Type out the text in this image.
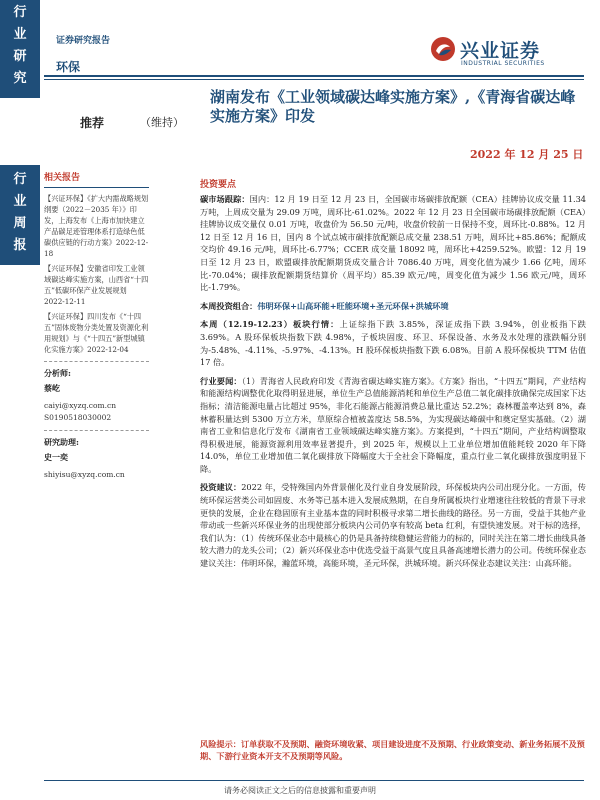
行
业
研
究
行
业
周
报
证券研究报告
环保
兴业证券
INDUSTRIAL SECURITIES
推荐	（维持）
湖南发布《工业领域碳达峰实施方案》,《青海省碳达峰实施方案》印发
2022 年 12 月 25 日
相关报告
【兴证环保】《扩大内需战略规划纲要（2022－2035 年）》印发，上海发布《上海市加快建立产品碳足迹管理体系打造绿色低碳供应链的行动方案》2022-12-18
【兴证环保】安徽省印发工业领域碳达峰实施方案，山西省“十四五”低碳环保产业发展规划 2022-12-11
【兴证环保】四川发布《“十四五”固体废物分类处置及资源化利用规划》与《“十四五”新型城镇化实施方案》2022-12-04
分析师:
蔡屹
caiyi@xyzq.com.cn
S0190518030002
研究助理:
史一奕
shiyisu@xyzq.com.cn
投资要点
碳市场跟踪：国内：12 月 19 日至 12 月 23 日，全国碳市场碳排放配额（CEA）挂牌协议成交量 11.34 万吨，上周成交量为 29.09 万吨，周环比-61.02%。2022 年 12 月 23 日全国碳市场碳排放配额（CEA）挂牌协议成交量仅 0.01 万吨，收盘价为 56.50 元/吨，收盘价较前一日保持不变，周环比-0.88%。12 月 12 日至 12 月 16 日，国内 8 个试点城市碳排放配额总成交量 238.51 万吨，周环比+85.86%；配额成交均价 49.16 元/吨，周环比-6.77%；CCER 成交量 18092 吨，周环比+4259.52%。欧盟：12 月 19 日至 12 月 23 日，欧盟碳排放配额期货成交量合计 7086.40 万吨，周变化值为减少 1.66 亿吨，周环比-70.04%；碳排放配额期货结算价（周平均）85.39 欧元/吨，周变化值为减少 1.56 欧元/吨，周环比-1.79%。
本周投资组合：伟明环保+山高环能+旺能环境+圣元环保+洪城环境
本周（12.19-12.23）板块行情：上证综指下跌 3.85%，深证成指下跌 3.94%，创业板指下跌 3.69%。A 股环保板块指数下跌 4.98%，子板块固废、环卫、环保设备、水务及水处理的涨跌幅分别为-5.48%、-4.11%、-5.97%、-4.13%。H 股环保板块指数下跌 6.08%。目前 A 股环保板块 TTM 估值 17 倍。
行业要闻：（1）青海省人民政府印发《青海省碳达峰实施方案》。《方案》指出，“十四五”期间，产业结构和能源结构调整优化取得明显进展，单位生产总值能源消耗和单位生产总值二氧化碳排放确保完成国家下达指标；清洁能源电量占比超过 95%，非化石能源占能源消费总量比重达 52.2%；森林覆盖率达到 8%，森林蓄积量达到 5300 万立方米，草原综合植被盖度达 58.5%，为实现碳达峰碳中和奠定坚实基础。（2）湖南省工业和信息化厅发布《湖南省工业领域碳达峰实施方案》。方案提到，“十四五”期间，产业结构调整取得积极进展，能源资源利用效率显著提升，到 2025 年，规模以上工业单位增加值能耗较 2020 年下降 14.0%，单位工业增加值二氧化碳排放下降幅度大于全社会下降幅度，重点行业二氧化碳排放强度明显下降。
投资建议：2022 年，受特殊国内外背景催化及行业自身发展阶段，环保板块内公司出现分化。一方面，传统环保运营类公司如固废、水务等已基本进入发展成熟期，在自身所属板块行业增速往往较低的背景下寻求更快的发展，企业在稳固原有主业基本盘的同时积极寻求第二增长曲线的路径。另一方面，受益于其他产业带动或一些新兴环保业务的出现使部分板块内公司仍享有较高 beta 红利，有望快速发展。对于标的选择，我们认为：（1）传统环保业态中最核心的仍是具备持续稳健运营能力的标的，同时关注在第二增长曲线具备较大潜力的龙头公司；（2）新兴环保业态中优选受益于高景气度且具备高速增长潜力的公司。传统环保业态建议关注：伟明环保，瀚蓝环境，高能环境，圣元环保，洪城环境。新兴环保业态建议关注：山高环能。
风险提示：订单获取不及预期、融资环境收紧、项目建设进度不及预期、行业政策变动、新业务拓展不及预期、下游行业资本开支不及预期等风险。
请务必阅读正文之后的信息披露和重要声明
